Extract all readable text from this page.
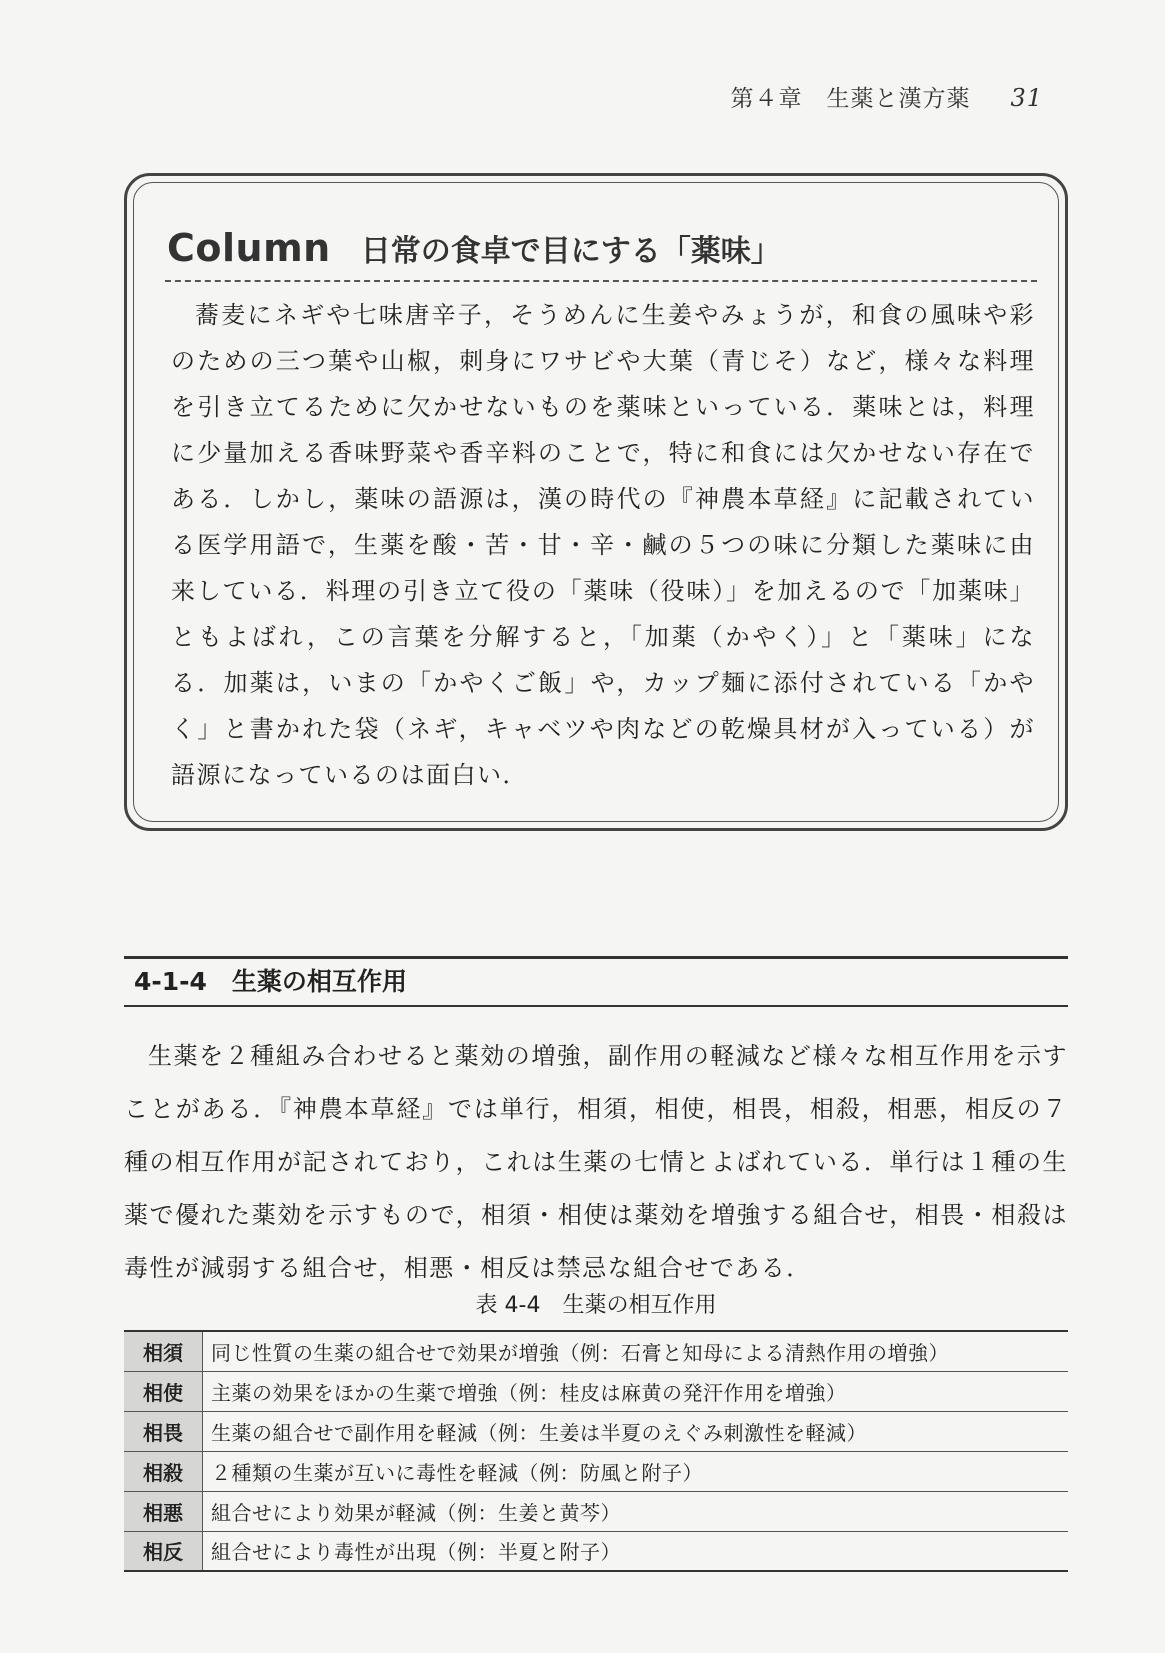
第４章　生薬と漢方薬 31
Column 日常の食卓で目にする「薬味」
蕎麦にネギや七味唐辛子，そうめんに生姜やみょうが，和食の風味や彩のための三つ葉や山椒，刺身にワサビや大葉（青じそ）など，様々な料理を引き立てるために欠かせないものを薬味といっている．薬味とは，料理に少量加える香味野菜や香辛料のことで，特に和食には欠かせない存在である．しかし，薬味の語源は，漢の時代の『神農本草経』に記載されている医学用語で，生薬を酸・苦・甘・辛・鹹の５つの味に分類した薬味に由来している．料理の引き立て役の「薬味（役味）」を加えるので「加薬味」ともよばれ，この言葉を分解すると，「加薬（かやく）」と「薬味」になる．加薬は，いまの「かやくご飯」や，カップ麺に添付されている「かやく」と書かれた袋（ネギ，キャベツや肉などの乾燥具材が入っている）が語源になっているのは面白い．
4-1-4　生薬の相互作用
生薬を２種組み合わせると薬効の増強，副作用の軽減など様々な相互作用を示すことがある．『神農本草経』では単行，相須，相使，相畏，相殺，相悪，相反の７種の相互作用が記されており，これは生薬の七情とよばれている．単行は１種の生薬で優れた薬効を示すもので，相須・相使は薬効を増強する組合せ，相畏・相殺は毒性が減弱する組合せ，相悪・相反は禁忌な組合せである．
表 4-4　生薬の相互作用
相須	同じ性質の生薬の組合せで効果が増強（例：石膏と知母による清熱作用の増強）
相使	主薬の効果をほかの生薬で増強（例：桂皮は麻黄の発汗作用を増強）
相畏	生薬の組合せで副作用を軽減（例：生姜は半夏のえぐみ刺激性を軽減）
相殺	２種類の生薬が互いに毒性を軽減（例：防風と附子）
相悪	組合せにより効果が軽減（例：生姜と黄芩）
相反	組合せにより毒性が出現（例：半夏と附子）
